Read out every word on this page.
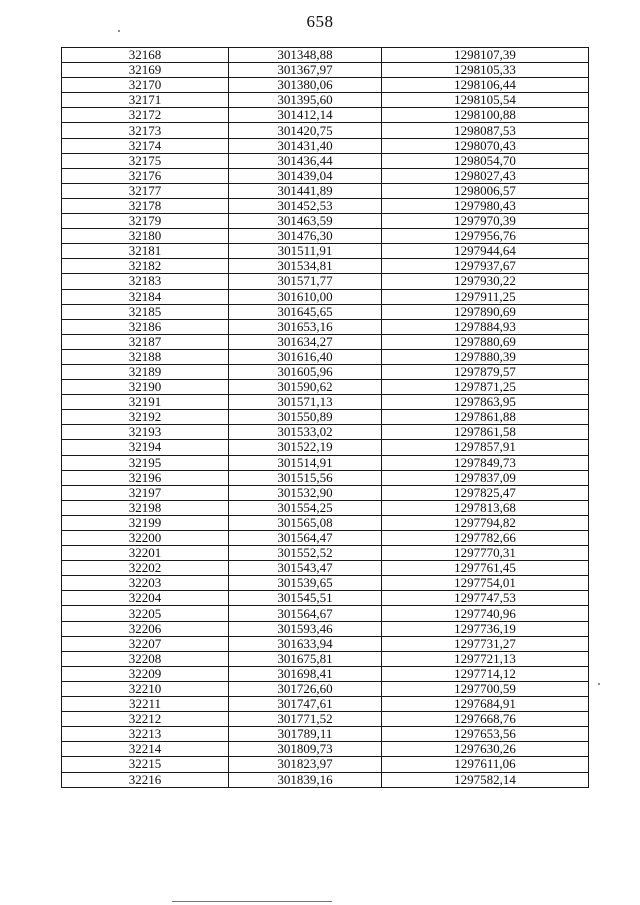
658
32168	301348,88	1298107,39
32169	301367,97	1298105,33
32170	301380,06	1298106,44
32171	301395,60	1298105,54
32172	301412,14	1298100,88
32173	301420,75	1298087,53
32174	301431,40	1298070,43
32175	301436,44	1298054,70
32176	301439,04	1298027,43
32177	301441,89	1298006,57
32178	301452,53	1297980,43
32179	301463,59	1297970,39
32180	301476,30	1297956,76
32181	301511,91	1297944,64
32182	301534,81	1297937,67
32183	301571,77	1297930,22
32184	301610,00	1297911,25
32185	301645,65	1297890,69
32186	301653,16	1297884,93
32187	301634,27	1297880,69
32188	301616,40	1297880,39
32189	301605,96	1297879,57
32190	301590,62	1297871,25
32191	301571,13	1297863,95
32192	301550,89	1297861,88
32193	301533,02	1297861,58
32194	301522,19	1297857,91
32195	301514,91	1297849,73
32196	301515,56	1297837,09
32197	301532,90	1297825,47
32198	301554,25	1297813,68
32199	301565,08	1297794,82
32200	301564,47	1297782,66
32201	301552,52	1297770,31
32202	301543,47	1297761,45
32203	301539,65	1297754,01
32204	301545,51	1297747,53
32205	301564,67	1297740,96
32206	301593,46	1297736,19
32207	301633,94	1297731,27
32208	301675,81	1297721,13
32209	301698,41	1297714,12
32210	301726,60	1297700,59
32211	301747,61	1297684,91
32212	301771,52	1297668,76
32213	301789,11	1297653,56
32214	301809,73	1297630,26
32215	301823,97	1297611,06
32216	301839,16	1297582,14
